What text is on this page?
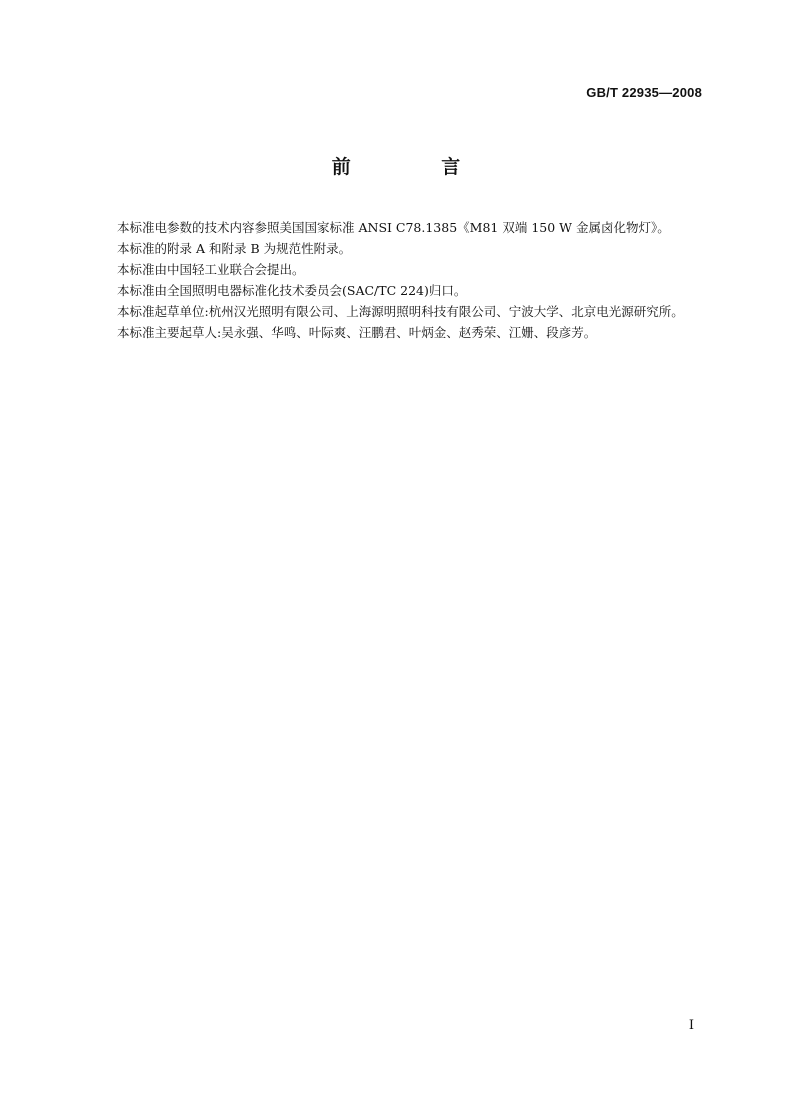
GB/T 22935—2008
前 言

本标准电参数的技术内容参照美国国家标准 ANSI C78.1385《M81 双端 150 W 金属卤化物灯》。

本标准的附录 A 和附录 B 为规范性附录。

本标准由中国轻工业联合会提出。

本标准由全国照明电器标准化技术委员会(SAC/TC 224)归口。

本标准起草单位:杭州汉光照明有限公司、上海源明照明科技有限公司、宁波大学、北京电光源研究所。

本标准主要起草人:吴永强、华鸣、叶际爽、汪鹏君、叶炳金、赵秀荣、江姗、段彦芳。

I
